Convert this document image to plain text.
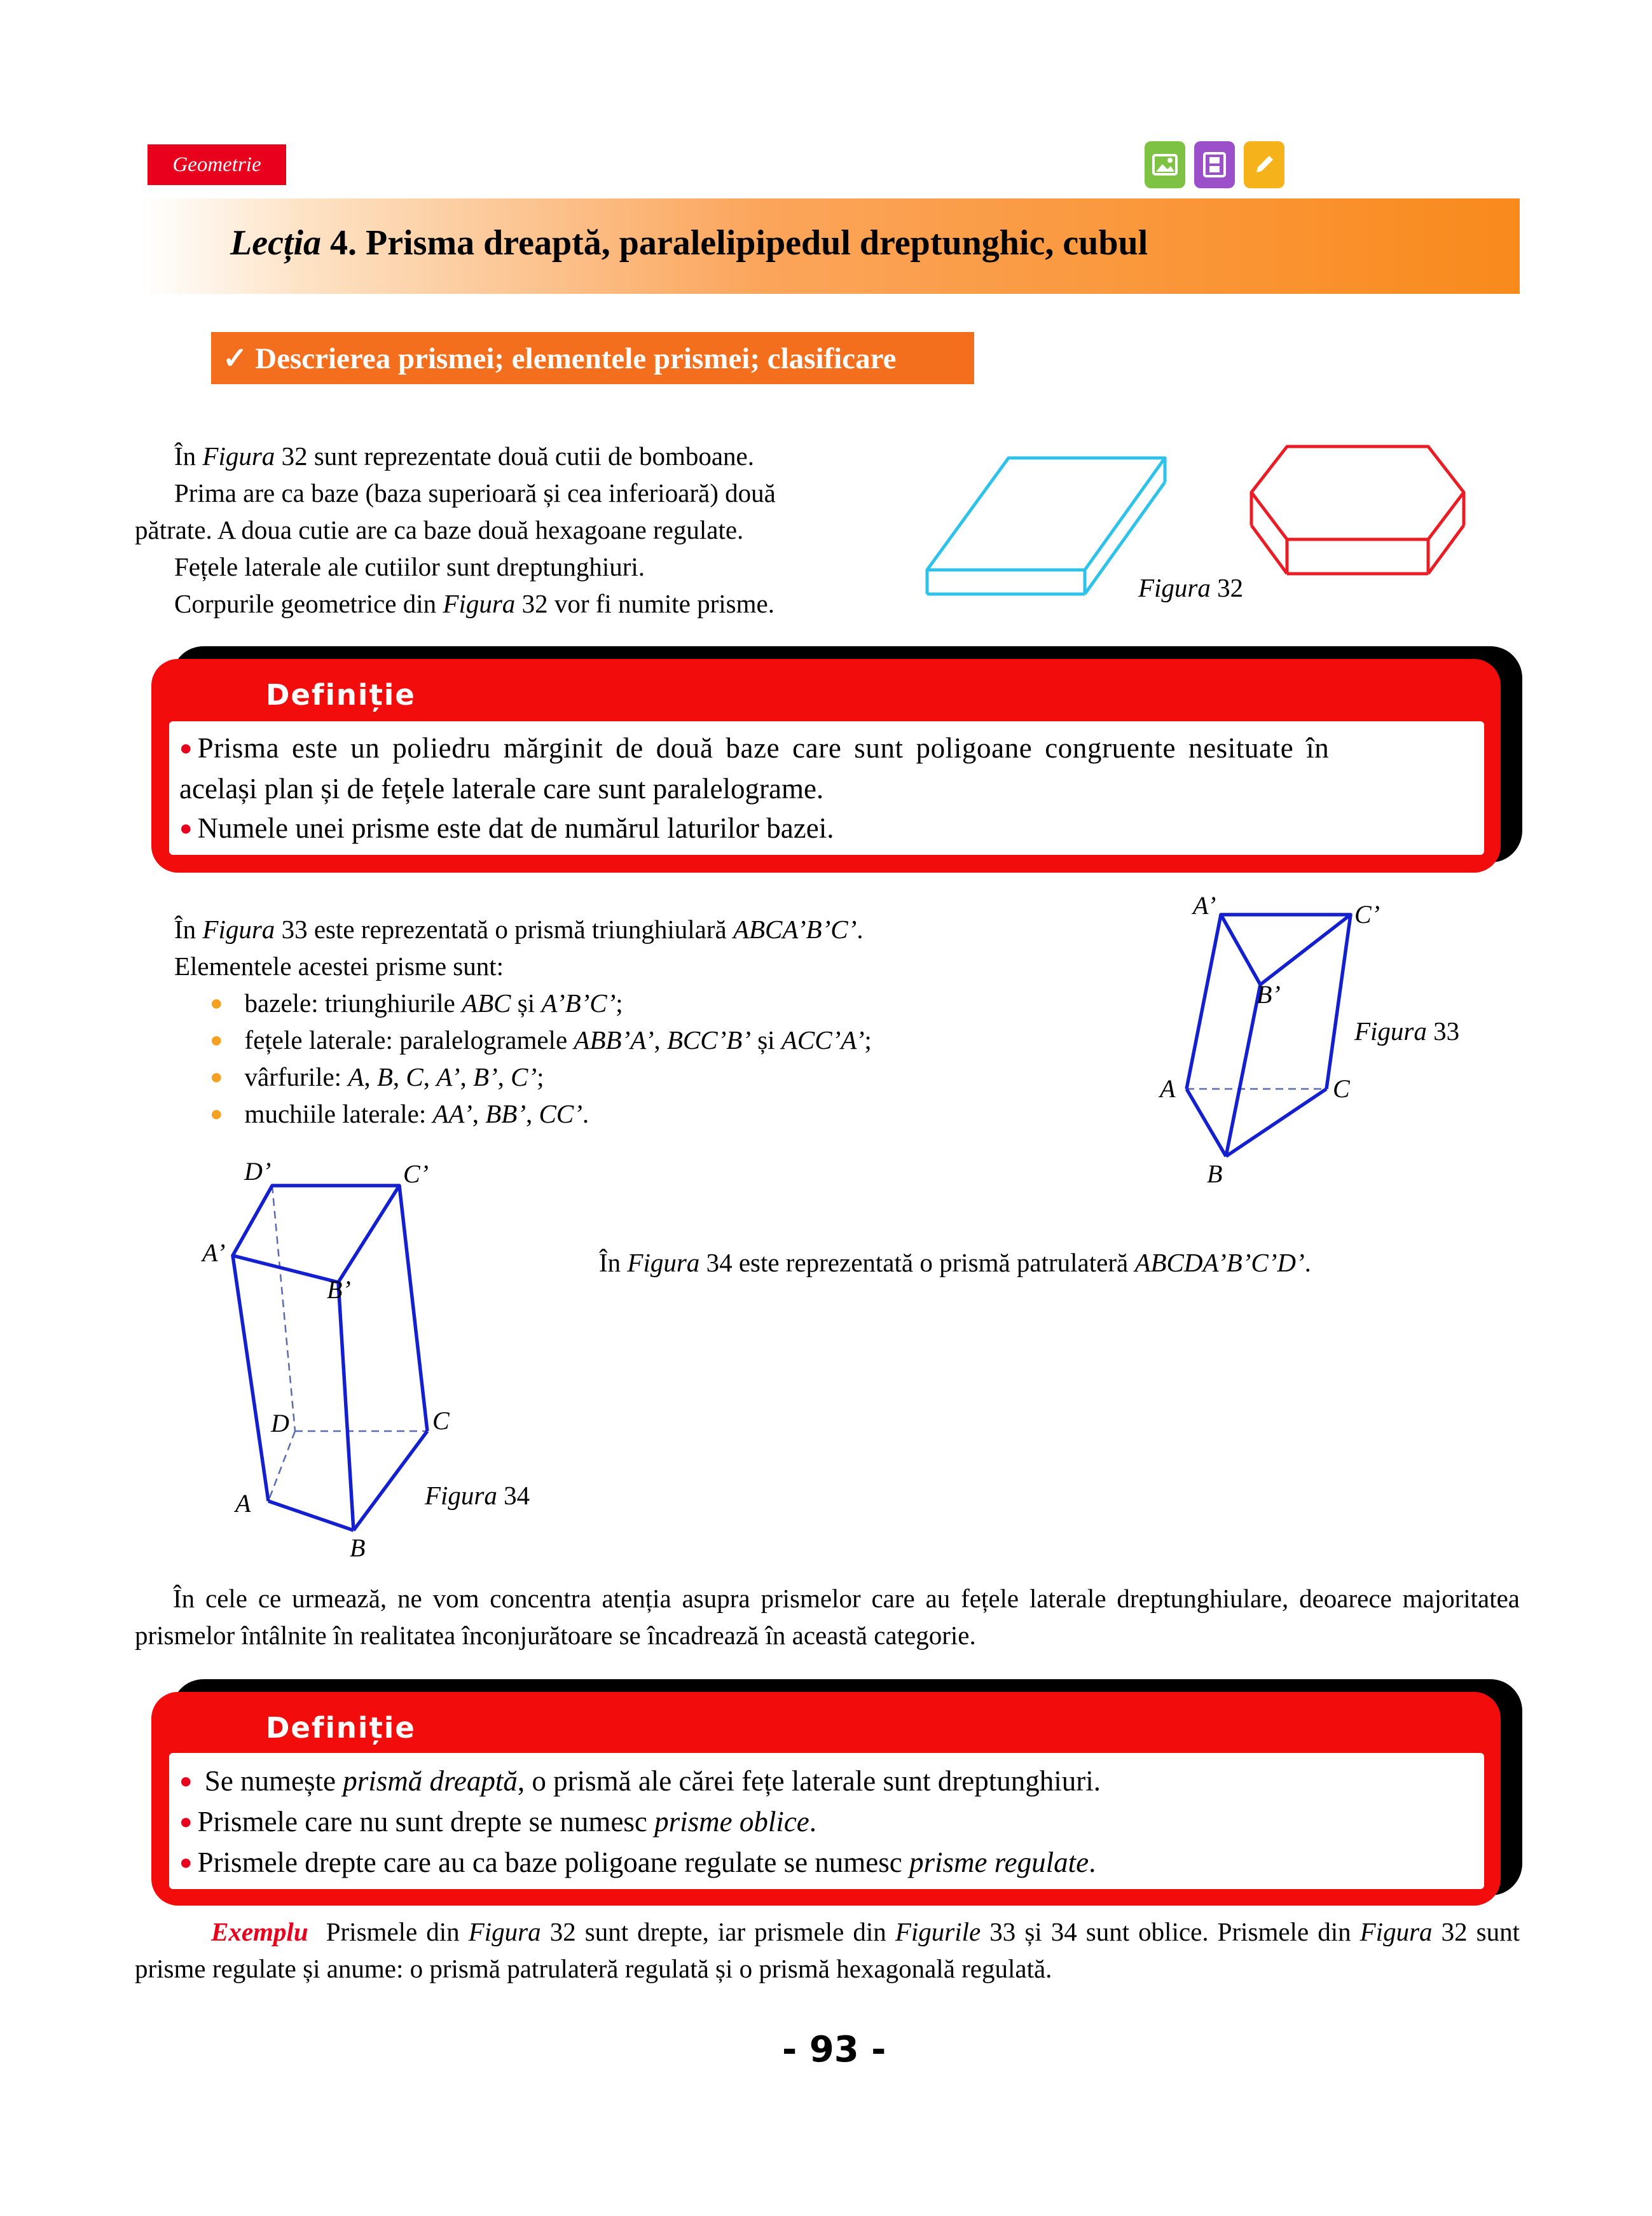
Geometrie
Lecția 4. Prisma dreaptă, paralelipipedul dreptunghic, cubul
✓ Descrierea prismei; elementele prismei; clasificare
În Figura 32 sunt reprezentate două cutii de bomboane.
Prima are ca baze (baza superioară și cea inferioară) două
pătrate. A doua cutie are ca baze două hexagoane regulate.
Fețele laterale ale cutiilor sunt dreptunghiuri.
Corpurile geometrice din Figura 32 vor fi numite prisme.
Figura 32
Definiție
● Prisma este un poliedru mărginit de două baze care sunt poligoane congruente nesituate în
același plan și de fețele laterale care sunt paralelograme.
● Numele unei prisme este dat de numărul laturilor bazei.
În Figura 33 este reprezentată o prismă triunghiulară ABCA’B’C’.
Elementele acestei prisme sunt:
● bazele: triunghiurile ABC și A’B’C’;
● fețele laterale: paralelogramele ABB’A’, BCC’B’ și ACC’A’;
● vârfurile: A, B, C, A’, B’, C’;
● muchiile laterale: AA’, BB’, CC’.
A’	C’
B’
A	C
B
Figura 33
D’	C’
A’
B’
D	C
A
B
Figura 34
În Figura 34 este reprezentată o prismă patrulateră ABCDA’B’C’D’.
În cele ce urmează, ne vom concentra atenția asupra prismelor care au fețele laterale dreptunghiulare, deoarece majoritatea prismelor întâlnite în realitatea înconjurătoare se încadrează în această categorie.
Definiție
● Se numește prismă dreaptă, o prismă ale cărei fețe laterale sunt dreptunghiuri.
● Prismele care nu sunt drepte se numesc prisme oblice.
● Prismele drepte care au ca baze poligoane regulate se numesc prisme regulate.
Exemplu Prismele din Figura 32 sunt drepte, iar prismele din Figurile 33 și 34 sunt oblice. Prismele din Figura 32 sunt prisme regulate și anume: o prismă patrulateră regulată și o prismă hexagonală regulată.
- 93 -
